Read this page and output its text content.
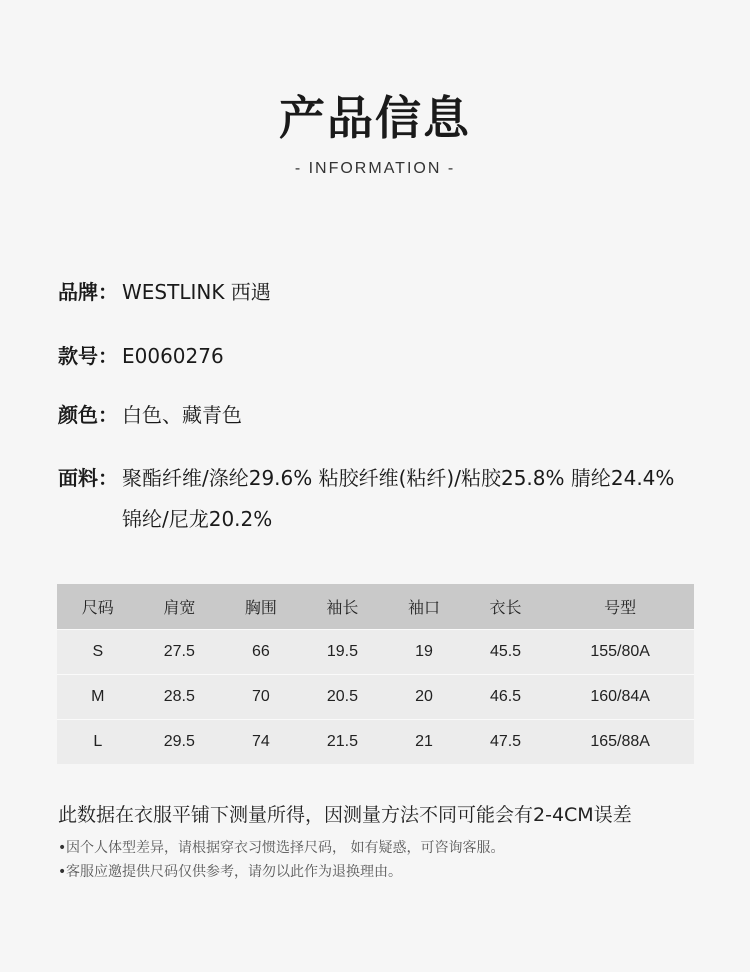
产品信息
- INFORMATION -
品牌： WESTLINK 西遇
款号： E0060276
颜色： 白色、藏青色
面料： 聚酯纤维/涤纶29.6% 粘胶纤维(粘纤)/粘胶25.8% 腈纶24.4% 锦纶/尼龙20.2%
尺码	肩宽	胸围	袖长	袖口	衣长	号型
S	27.5	66	19.5	19	45.5	155/80A
M	28.5	70	20.5	20	46.5	160/84A
L	29.5	74	21.5	21	47.5	165/88A
此数据在衣服平铺下测量所得，因测量方法不同可能会有2-4CM误差
•因个人体型差异，请根据穿衣习惯选择尺码， 如有疑惑，可咨询客服。
•客服应邀提供尺码仅供参考，请勿以此作为退换理由。
